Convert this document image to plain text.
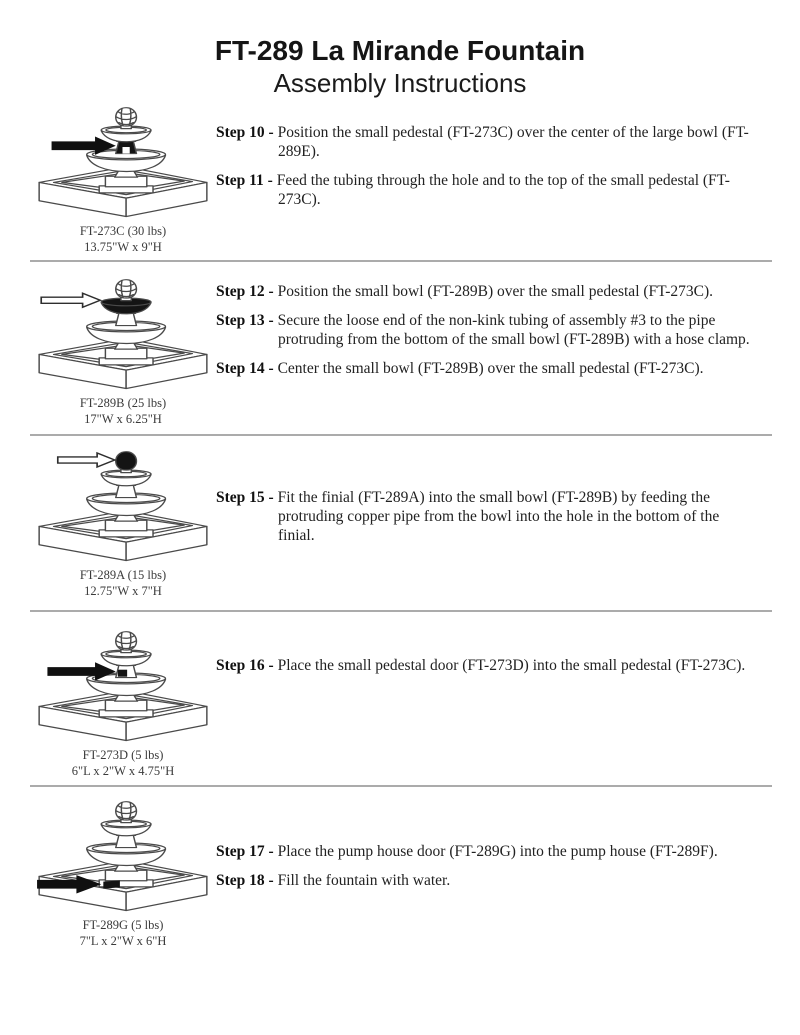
FT-289 La Mirande Fountain
Assembly Instructions
FT-273C (30 lbs)
13.75"W x 9"H

Step 10 - Position the small pedestal (FT-273C) over the center of the large bowl (FT-289E).

Step 11 - Feed the tubing through the hole and to the top of the small pedestal (FT-273C).

FT-289B (25 lbs)
17"W x 6.25"H

Step 12 - Position the small bowl (FT-289B) over the small pedestal (FT-273C).

Step 13 - Secure the loose end of the non-kink tubing of assembly #3 to the pipe protruding from the bottom of the small bowl (FT-289B) with a hose clamp.

Step 14 - Center the small bowl (FT-289B) over the small pedestal (FT-273C).

FT-289A (15 lbs)
12.75"W x 7"H

Step 15 - Fit the finial (FT-289A) into the small bowl (FT-289B) by feeding the protruding copper pipe from the bowl into the hole in the bottom of the finial.

FT-273D (5 lbs)
6"L x 2"W x 4.75"H

Step 16 - Place the small pedestal door (FT-273D) into the small pedestal (FT-273C).

FT-289G (5 lbs)
7"L x 2"W x 6"H

Step 17 - Place the pump house door (FT-289G) into the pump house (FT-289F).

Step 18 - Fill the fountain with water.
